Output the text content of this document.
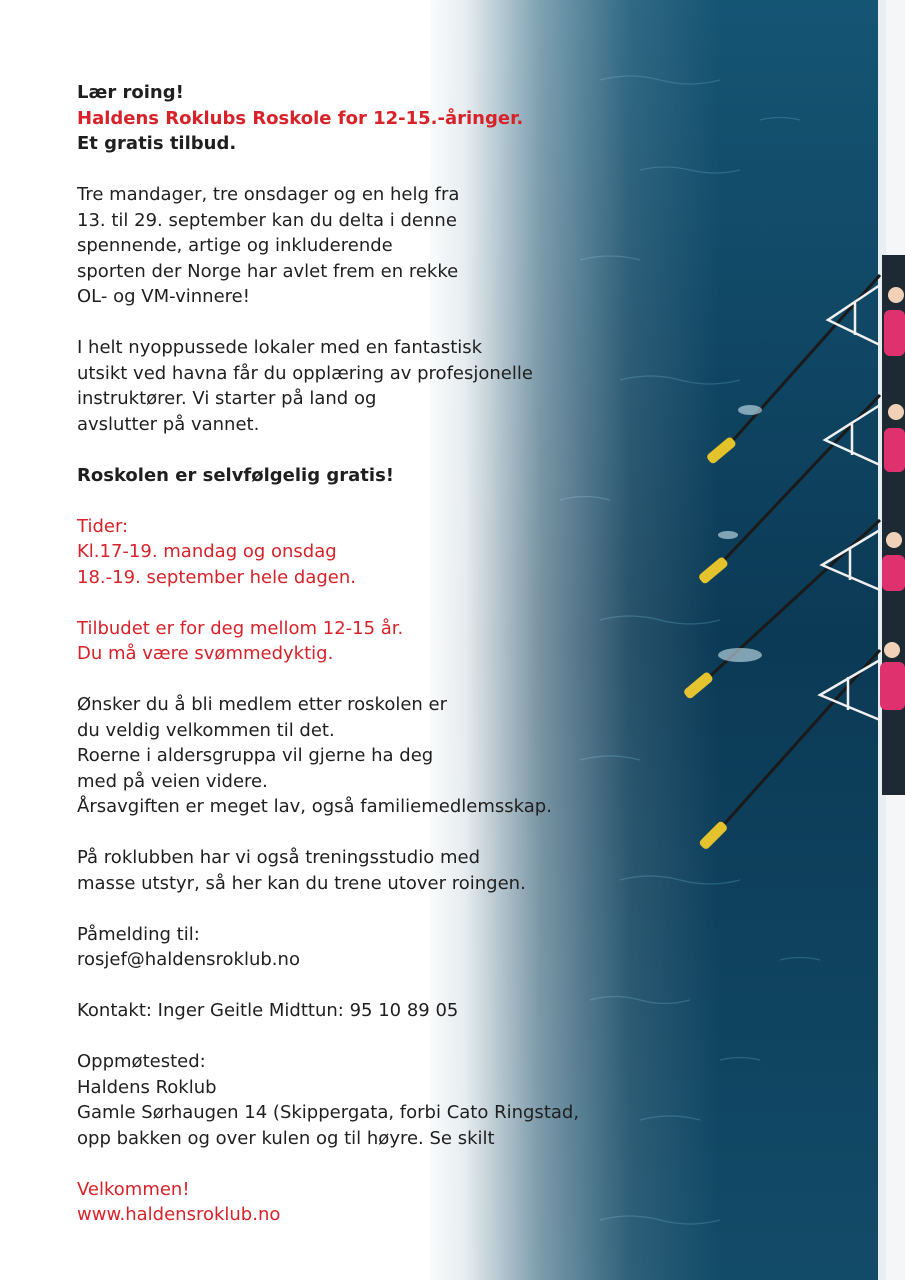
Lær roing!
Haldens Roklubs Roskole for 12-15.-åringer.
Et gratis tilbud.

Tre mandager, tre onsdager og en helg fra
13. til 29. september kan du delta i denne
spennende, artige og inkluderende
sporten der Norge har avlet frem en rekke
OL- og VM-vinnere!

I helt nyoppussede lokaler med en fantastisk
utsikt ved havna får du opplæring av profesjonelle
instruktører. Vi starter på land og
avslutter på vannet.

Roskolen er selvfølgelig gratis!

Tider:
Kl.17-19. mandag og onsdag
18.-19. september hele dagen.

Tilbudet er for deg mellom 12-15 år.
Du må være svømmedyktig.

Ønsker du å bli medlem etter roskolen er
du veldig velkommen til det.
Roerne i aldersgruppa vil gjerne ha deg
med på veien videre.
Årsavgiften er meget lav, også familiemedlemsskap.

På roklubben har vi også treningsstudio med
masse utstyr, så her kan du trene utover roingen.

Påmelding til:
rosjef@haldensroklub.no

Kontakt: Inger Geitle Midttun: 95 10 89 05

Oppmøtested:
Haldens Roklub
Gamle Sørhaugen 14 (Skippergata, forbi Cato Ringstad,
opp bakken og over kulen og til høyre. Se skilt

Velkommen!
www.haldensroklub.no
